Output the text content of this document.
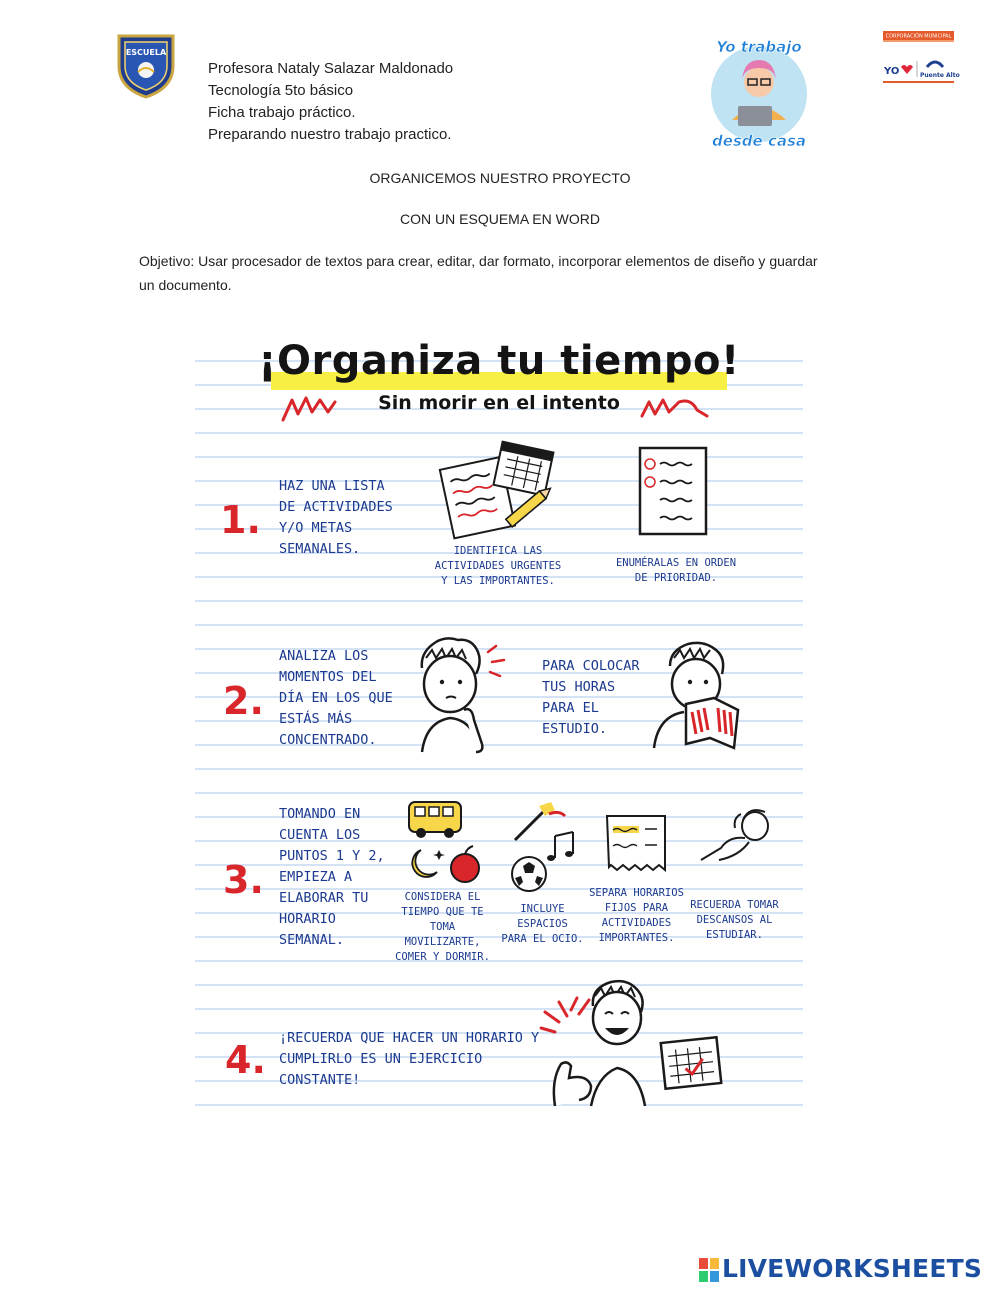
ESCUELA
Profesora Nataly Salazar Maldonado
Tecnología 5to básico
Ficha trabajo práctico.
Preparando nuestro trabajo practico.
Yo trabajo
desde casa
CORPORACIÓN MUNICIPAL
YO	Puente Alto
ORGANICEMOS NUESTRO PROYECTO
CON UN ESQUEMA EN WORD
Objetivo: Usar procesador de textos para crear, editar, dar formato, incorporar elementos de diseño y guardar un documento.
¡Organiza tu tiempo!
Sin morir en el intento
1.
HAZ UNA LISTA
DE ACTIVIDADES
Y/O METAS
SEMANALES.	IDENTIFICA LAS
ACTIVIDADES URGENTES
Y LAS IMPORTANTES.
ENUMÉRALAS EN ORDEN
DE PRIORIDAD.
2.
ANALIZA LOS
MOMENTOS DEL
DÍA EN LOS QUE
ESTÁS MÁS
CONCENTRADO.
PARA COLOCAR
TUS HORAS
PARA EL
ESTUDIO.
3.
TOMANDO EN
CUENTA LOS
PUNTOS 1 Y 2,
EMPIEZA A
ELABORAR TU
HORARIO
SEMANAL.
CONSIDERA EL
TIEMPO QUE TE
TOMA MOVILIZARTE,
COMER Y DORMIR.
INCLUYE ESPACIOS
PARA EL OCIO.
SEPARA HORARIOS
FIJOS PARA
ACTIVIDADES
IMPORTANTES.
RECUERDA TOMAR
DESCANSOS AL
ESTUDIAR.
4. ¡RECUERDA QUE HACER UN HORARIO Y
CUMPLIRLO ES UN EJERCICIO
CONSTANTE!
LIVEWORKSHEETS
